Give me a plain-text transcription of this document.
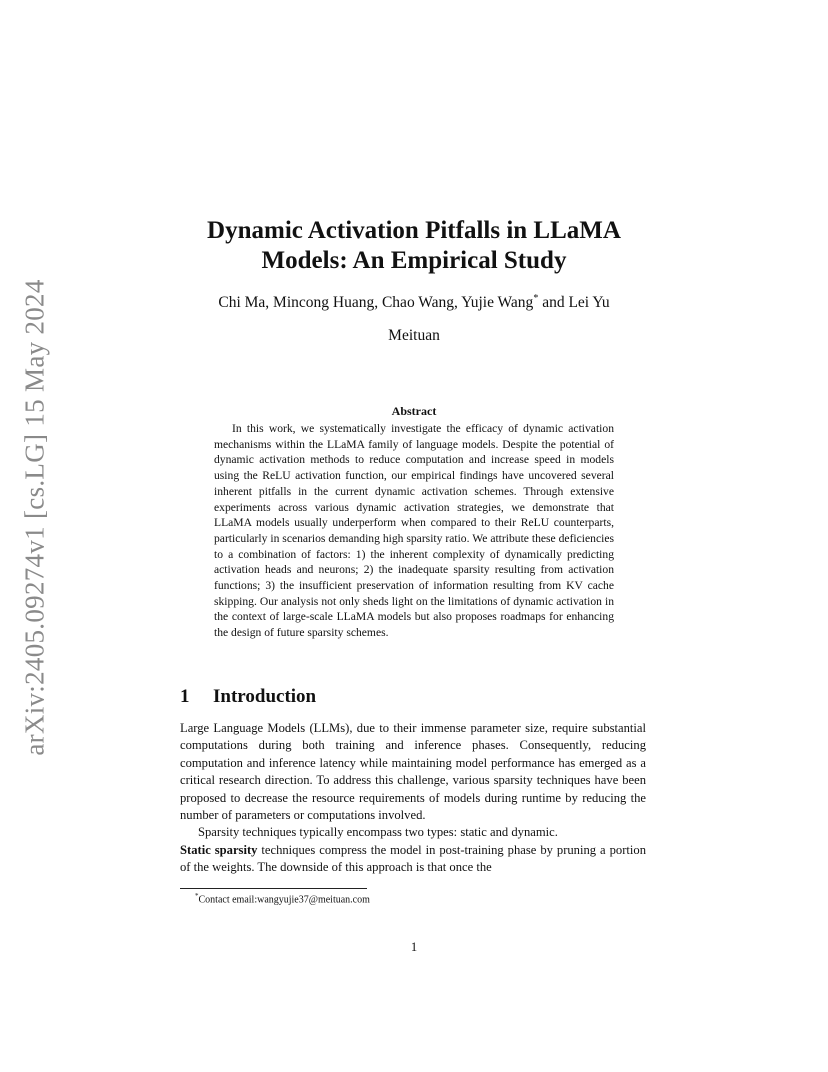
arXiv:2405.09274v1 [cs.LG] 15 May 2024
Dynamic Activation Pitfalls in LLaMA
Models: An Empirical Study
Chi Ma, Mincong Huang, Chao Wang, Yujie Wang* and Lei Yu
Meituan
Abstract
In this work, we systematically investigate the efficacy of dynamic activation mechanisms within the LLaMA family of language models. Despite the potential of dynamic activation methods to reduce computation and increase speed in models using the ReLU activation function, our empirical findings have uncovered several inherent pitfalls in the current dynamic activation schemes. Through extensive experiments across various dynamic activation strategies, we demonstrate that LLaMA models usually underperform when compared to their ReLU counterparts, particularly in scenarios demanding high sparsity ratio. We attribute these deficiencies to a combination of factors: 1) the inherent complexity of dynamically predicting activation heads and neurons; 2) the inadequate sparsity resulting from activation functions; 3) the insufficient preservation of information resulting from KV cache skipping. Our analysis not only sheds light on the limitations of dynamic activation in the context of large-scale LLaMA models but also proposes roadmaps for enhancing the design of future sparsity schemes.
1 Introduction

Large Language Models (LLMs), due to their immense parameter size, require substantial computations during both training and inference phases. Consequently, reducing computation and inference latency while maintaining model performance has emerged as a critical research direction. To address this challenge, various sparsity techniques have been proposed to decrease the resource requirements of models during runtime by reducing the number of parameters or computations involved.

Sparsity techniques typically encompass two types: static and dynamic.
Static sparsity techniques compress the model in post-training phase by pruning a portion of the weights. The downside of this approach is that once the

*Contact email:wangyujie37@meituan.com
1
